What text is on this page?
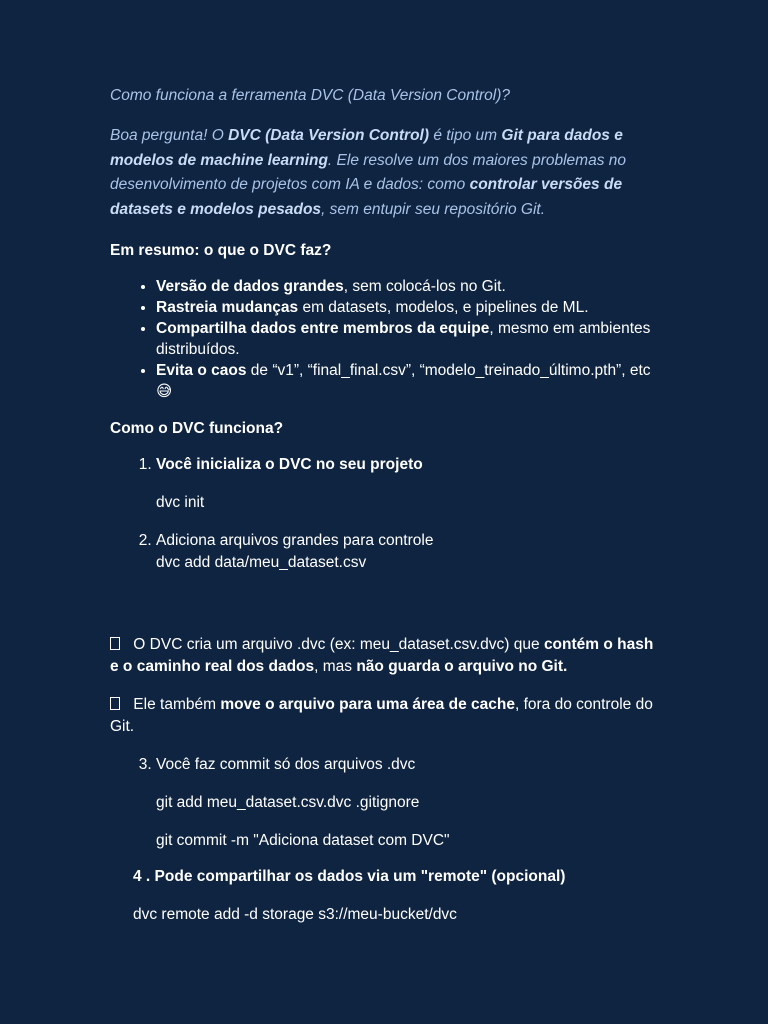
Como funciona a ferramenta DVC (Data Version Control)?

Boa pergunta! O DVC (Data Version Control) é tipo um Git para dados e modelos de machine learning. Ele resolve um dos maiores problemas no desenvolvimento de projetos com IA e dados: como controlar versões de datasets e modelos pesados, sem entupir seu repositório Git.

Em resumo: o que o DVC faz?

• Versão de dados grandes, sem colocá-los no Git.
• Rastreia mudanças em datasets, modelos, e pipelines de ML.
• Compartilha dados entre membros da equipe, mesmo em ambientes distribuídos.
• Evita o caos de “v1”, “final_final.csv”, “modelo_treinado_último.pth”, etc 😅

Como o DVC funciona?

1. Você inicializa o DVC no seu projeto
dvc init
2. Adiciona arquivos grandes para controle
dvc add data/meu_dataset.csv

O DVC cria um arquivo .dvc (ex: meu_dataset.csv.dvc) que contém o hash e o caminho real dos dados, mas não guarda o arquivo no Git.

Ele também move o arquivo para uma área de cache, fora do controle do Git.

3. Você faz commit só dos arquivos .dvc
git add meu_dataset.csv.dvc .gitignore
git commit -m "Adiciona dataset com DVC"

4 . Pode compartilhar os dados via um "remote" (opcional)

dvc remote add -d storage s3://meu-bucket/dvc
